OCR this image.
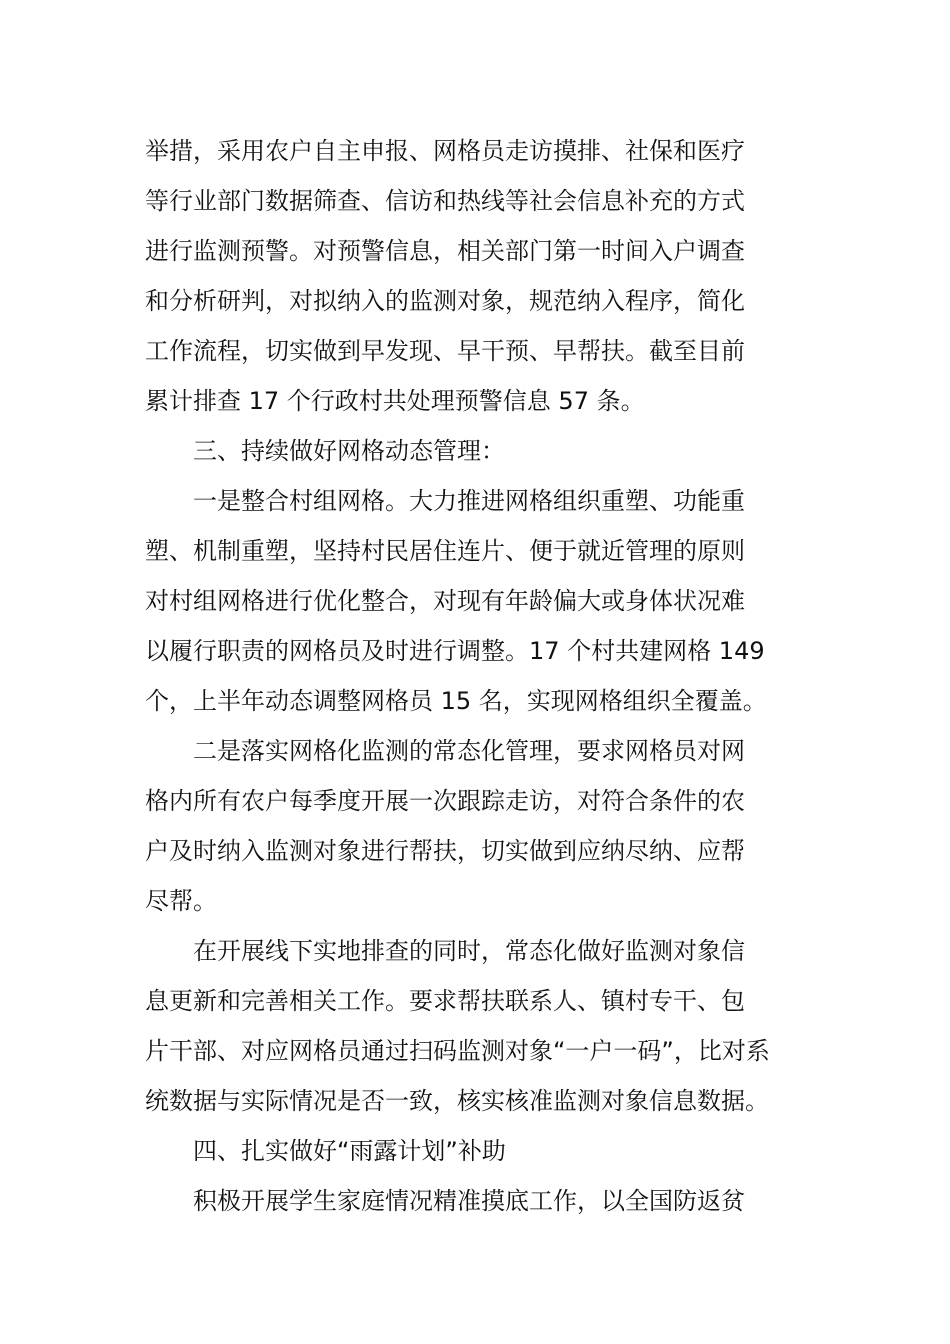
举措，采用农户自主申报、网格员走访摸排、社保和医疗
等行业部门数据筛查、信访和热线等社会信息补充的方式
进行监测预警。对预警信息，相关部门第一时间入户调查
和分析研判，对拟纳入的监测对象，规范纳入程序，简化
工作流程，切实做到早发现、早干预、早帮扶。截至目前
累计排查 17 个行政村共处理预警信息 57 条。
三、持续做好网格动态管理：
一是整合村组网格。大力推进网格组织重塑、功能重
塑、机制重塑，坚持村民居住连片、便于就近管理的原则
对村组网格进行优化整合，对现有年龄偏大或身体状况难
以履行职责的网格员及时进行调整。17 个村共建网格 149
个，上半年动态调整网格员 15 名，实现网格组织全覆盖。
二是落实网格化监测的常态化管理，要求网格员对网
格内所有农户每季度开展一次跟踪走访，对符合条件的农
户及时纳入监测对象进行帮扶，切实做到应纳尽纳、应帮
尽帮。
在开展线下实地排查的同时，常态化做好监测对象信
息更新和完善相关工作。要求帮扶联系人、镇村专干、包
片干部、对应网格员通过扫码监测对象“一户一码”，比对系
统数据与实际情况是否一致，核实核准监测对象信息数据。
四、扎实做好“雨露计划”补助
积极开展学生家庭情况精准摸底工作，以全国防返贫
